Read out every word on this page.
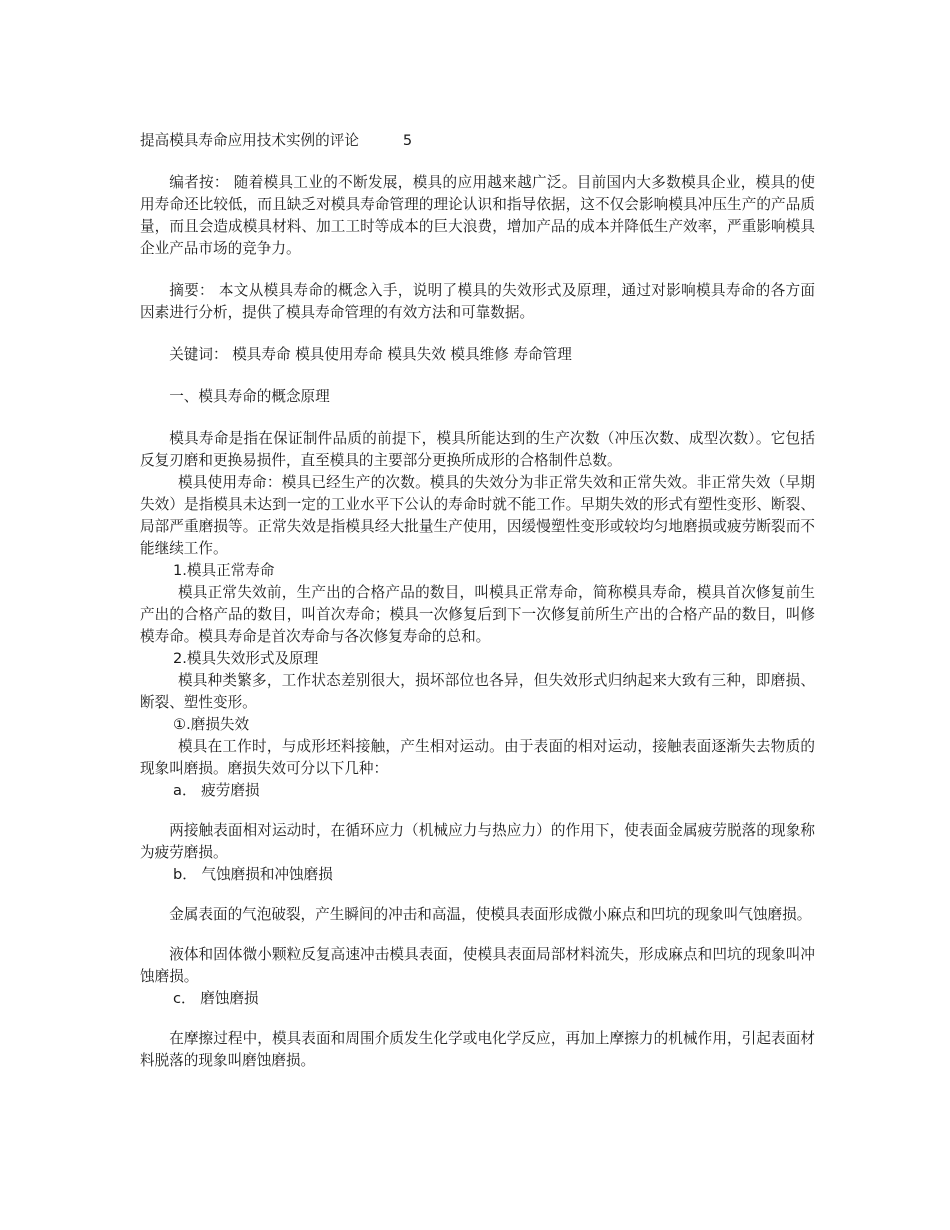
提高模具寿命应用技术实例的评论	5

编者按： 随着模具工业的不断发展，模具的应用越来越广泛。目前国内大多数模具企业，模具的使用寿命还比较低，而且缺乏对模具寿命管理的理论认识和指导依据，这不仅会影响模具冲压生产的产品质量，而且会造成模具材料、加工工时等成本的巨大浪费，增加产品的成本并降低生产效率，严重影响模具企业产品市场的竞争力。

摘要： 本文从模具寿命的概念入手，说明了模具的失效形式及原理，通过对影响模具寿命的各方面因素进行分析，提供了模具寿命管理的有效方法和可靠数据。

关键词： 模具寿命 模具使用寿命 模具失效 模具维修 寿命管理

一、模具寿命的概念原理

模具寿命是指在保证制件品质的前提下，模具所能达到的生产次数（冲压次数、成型次数）。它包括反复刃磨和更换易损件，直至模具的主要部分更换所成形的合格制件总数。

模具使用寿命：模具已经生产的次数。模具的失效分为非正常失效和正常失效。非正常失效（早期失效）是指模具未达到一定的工业水平下公认的寿命时就不能工作。早期失效的形式有塑性变形、断裂、局部严重磨损等。正常失效是指模具经大批量生产使用，因缓慢塑性变形或较均匀地磨损或疲劳断裂而不能继续工作。

1.模具正常寿命

模具正常失效前，生产出的合格产品的数目，叫模具正常寿命，简称模具寿命，模具首次修复前生产出的合格产品的数目，叫首次寿命；模具一次修复后到下一次修复前所生产出的合格产品的数目，叫修模寿命。模具寿命是首次寿命与各次修复寿命的总和。

2.模具失效形式及原理

模具种类繁多，工作状态差别很大，损坏部位也各异，但失效形式归纳起来大致有三种，即磨损、断裂、塑性变形。

①.磨损失效

模具在工作时，与成形坯料接触，产生相对运动。由于表面的相对运动，接触表面逐渐失去物质的现象叫磨损。磨损失效可分以下几种：

a． 疲劳磨损

两接触表面相对运动时，在循环应力（机械应力与热应力）的作用下，使表面金属疲劳脱落的现象称为疲劳磨损。

b． 气蚀磨损和冲蚀磨损

金属表面的气泡破裂，产生瞬间的冲击和高温，使模具表面形成微小麻点和凹坑的现象叫气蚀磨损。

液体和固体微小颗粒反复高速冲击模具表面，使模具表面局部材料流失，形成麻点和凹坑的现象叫冲蚀磨损。

c． 磨蚀磨损

在摩擦过程中，模具表面和周围介质发生化学或电化学反应，再加上摩擦力的机械作用，引起表面材料脱落的现象叫磨蚀磨损。
